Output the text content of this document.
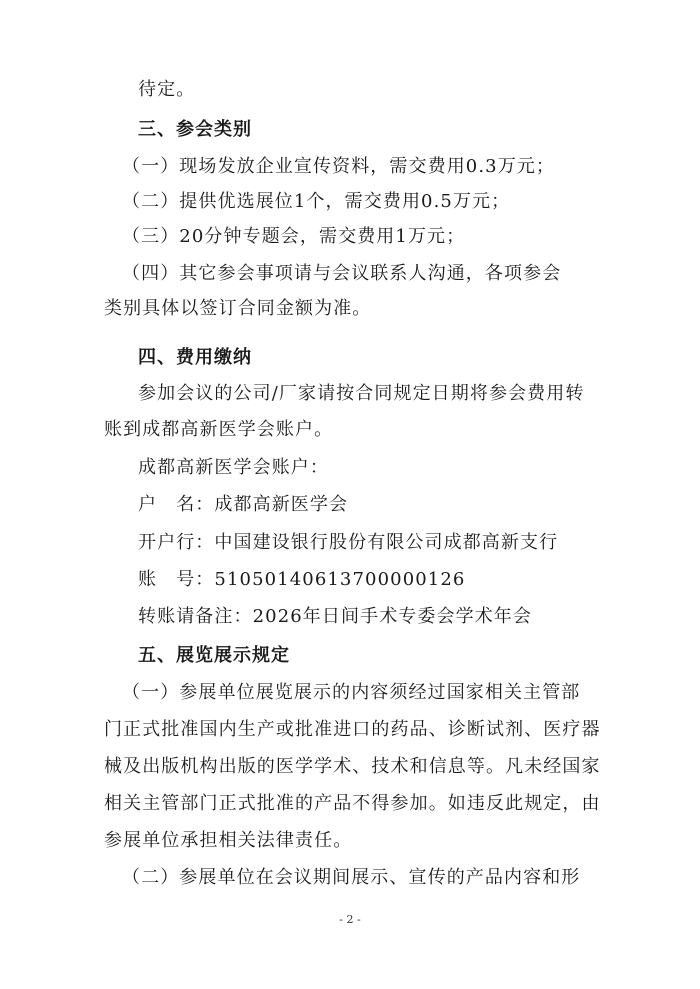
待定。
三、参会类别
（一）现场发放企业宣传资料，需交费用0.3万元；
（二）提供优选展位1个，需交费用0.5万元；
（三）20分钟专题会，需交费用1万元；
（四）其它参会事项请与会议联系人沟通，各项参会
类别具体以签订合同金额为准。
四、费用缴纳
参加会议的公司/厂家请按合同规定日期将参会费用转
账到成都高新医学会账户。
成都高新医学会账户：
户　名：成都高新医学会
开户行：中国建设银行股份有限公司成都高新支行
账　号：51050140613700000126
转账请备注：2026年日间手术专委会学术年会
五、展览展示规定
（一）参展单位展览展示的内容须经过国家相关主管部
门正式批准国内生产或批准进口的药品、诊断试剂、医疗器
械及出版机构出版的医学学术、技术和信息等。凡未经国家
相关主管部门正式批准的产品不得参加。如违反此规定，由
参展单位承担相关法律责任。
（二）参展单位在会议期间展示、宣传的产品内容和形
- 2 -
